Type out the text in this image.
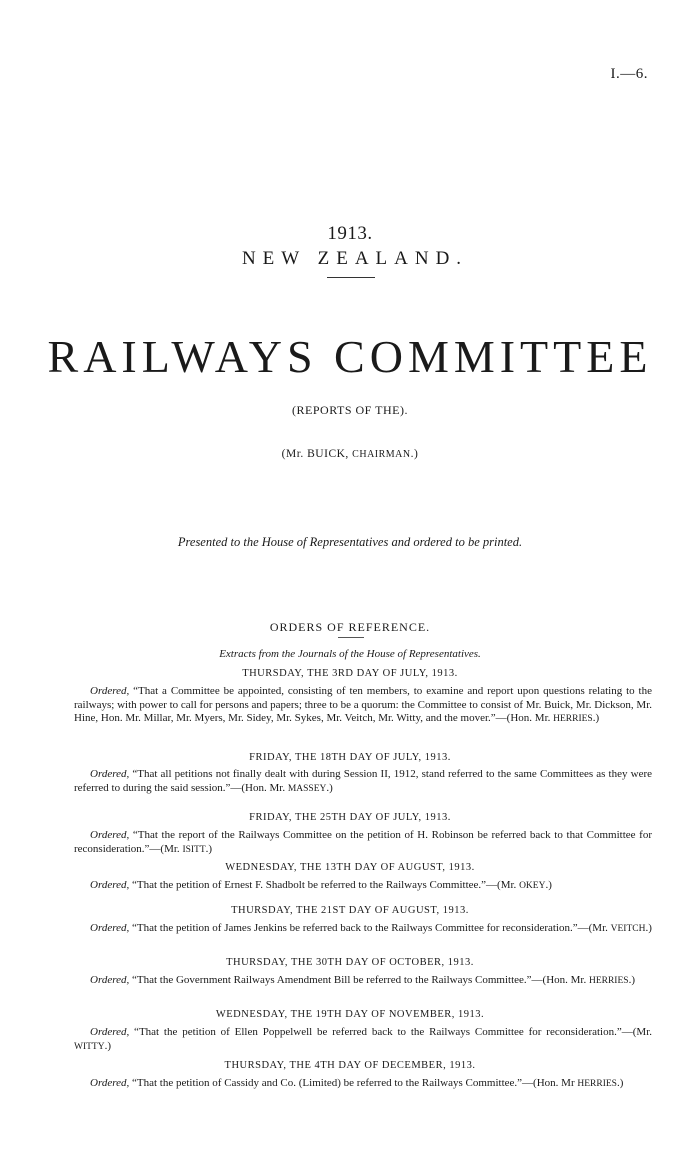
I.—6.
1913.
NEW ZEALAND.
RAILWAYS COMMITTEE
(REPORTS OF THE).
(Mr. BUICK, CHAIRMAN.)
Presented to the House of Representatives and ordered to be printed.
ORDERS OF REFERENCE.
Extracts from the Journals of the House of Representatives.
THURSDAY, THE 3RD DAY OF JULY, 1913.
Ordered, “That a Committee be appointed, consisting of ten members, to examine and report upon questions relating to the railways; with power to call for persons and papers; three to be a quorum: the Committee to consist of Mr. Buick, Mr. Dickson, Mr. Hine, Hon. Mr. Millar, Mr. Myers, Mr. Sidey, Mr. Sykes, Mr. Veitch, Mr. Witty, and the mover.”—(Hon. Mr. HERRIES.)
FRIDAY, THE 18TH DAY OF JULY, 1913.
Ordered, “That all petitions not finally dealt with during Session II, 1912, stand referred to the same Committees as they were referred to during the said session.”—(Hon. Mr. MASSEY.)
FRIDAY, THE 25TH DAY OF JULY, 1913.
Ordered, “That the report of the Railways Committee on the petition of H. Robinson be referred back to that Committee for reconsideration.”—(Mr. ISITT.)
WEDNESDAY, THE 13TH DAY OF AUGUST, 1913.
Ordered, “That the petition of Ernest F. Shadbolt be referred to the Railways Committee.”—(Mr. OKEY.)
THURSDAY, THE 21ST DAY OF AUGUST, 1913.
Ordered, “That the petition of James Jenkins be referred back to the Railways Committee for reconsideration.”—(Mr. VEITCH.)
THURSDAY, THE 30TH DAY OF OCTOBER, 1913.
Ordered, “That the Government Railways Amendment Bill be referred to the Railways Committee.”—(Hon. Mr. HERRIES.)
WEDNESDAY, THE 19TH DAY OF NOVEMBER, 1913.
Ordered, “That the petition of Ellen Poppelwell be referred back to the Railways Committee for reconsideration.”—(Mr. WITTY.)
THURSDAY, THE 4TH DAY OF DECEMBER, 1913.
Ordered, “That the petition of Cassidy and Co. (Limited) be referred to the Railways Committee.”—(Hon. Mr HERRIES.)
